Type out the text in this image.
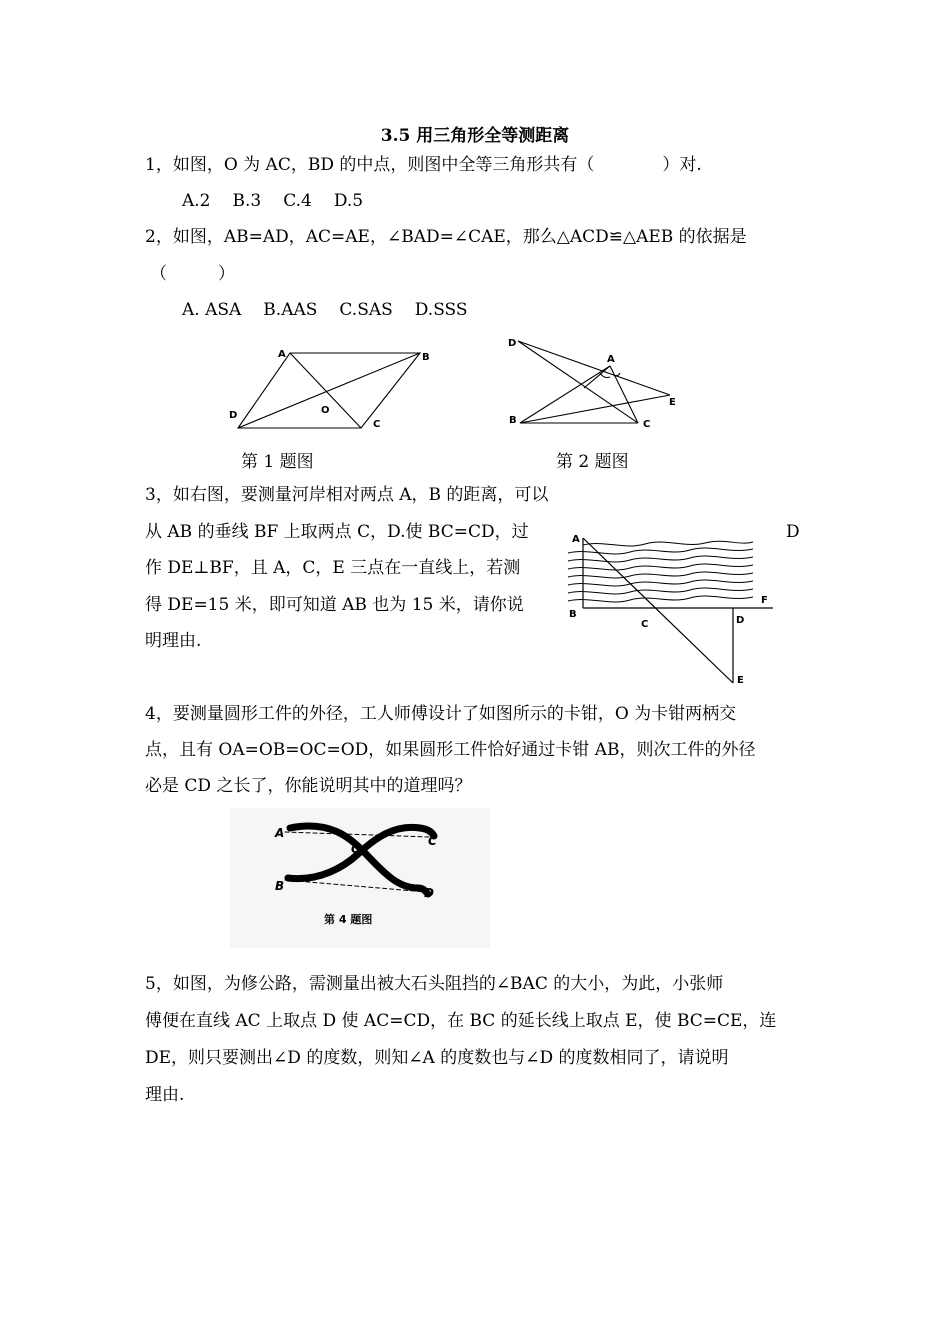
3.5 用三角形全等测距离
1，如图，O 为 AC，BD 的中点，则图中全等三角形共有（　　　　）对.
A.2 B.3 C.4 D.5
2，如图，AB=AD，AC=AE，∠BAD=∠CAE，那么△ACD≌△AEB 的依据是
（　　　）
A. ASA B.AAS C.SAS D.SSS
A	B
C
D	O
第 1 题图
D
A
E
B	C
第 2 题图
3，如右图，要测量河岸相对两点 A，B 的距离，可以
从 AB 的垂线 BF 上取两点 C，D.使 BC=CD，过
作 DE⊥BF，且 A，C，E 三点在一直线上，若测
得 DE=15 米，即可知道 AB 也为 15 米，请你说
明理由.
D
A
B
C	D
F
E
4，要测量圆形工件的外径，工人师傅设计了如图所示的卡钳，O 为卡钳两柄交
点，且有 OA=OB=OC=OD，如果圆形工件恰好通过卡钳 AB，则次工件的外径
必是 CD 之长了，你能说明其中的道理吗？
A
B
C
D
O
第 4 题图
5，如图，为修公路，需测量出被大石头阻挡的∠BAC 的大小，为此，小张师
傅便在直线 AC 上取点 D 使 AC=CD，在 BC 的延长线上取点 E，使 BC=CE，连
DE，则只要测出∠D 的度数，则知∠A 的度数也与∠D 的度数相同了，请说明
理由.
